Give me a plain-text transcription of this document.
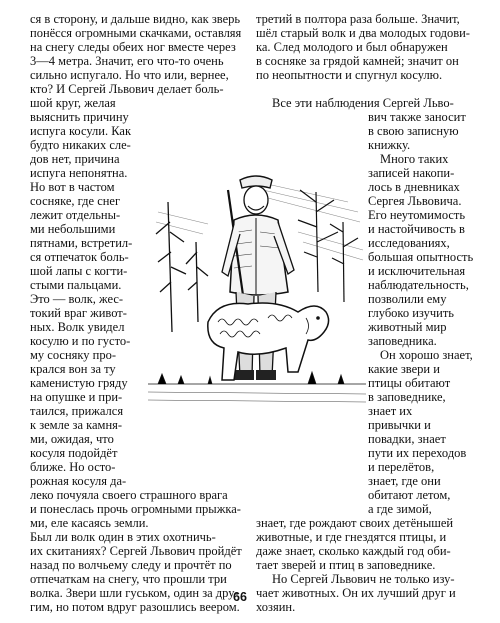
ся в сторону, и дальше видно, как зверь

понёсся огромными скачками, оставляя

на снегу следы обеих ног вместе через

3—4 метра. Значит, его что-то очень

сильно испугало. Но что или, вернее,

кто? И Сергей Львович делает боль-

шой круг, желая

выяснить причину

испуга косули. Как

будто никаких сле-

дов нет, причина

испуга непонятна.

Но вот в частом

сосняке, где снег

лежит отдельны-

ми небольшими

пятнами, встретил-

ся отпечаток боль-

шой лапы с когти-

стыми пальцами.

Это — волк, жес-

токий враг живот-

ных. Волк увидел

косулю и по густо-

му сосняку про-

крался вон за ту

каменистую гряду

на опушке и при-

таился, прижался

к земле за камня-

ми, ожидая, что

косуля подойдёт

ближе. Но осто-

рожная косуля да-

леко почуяла своего страшного врага

и понеслась прочь огромными прыжка-

ми, еле касаясь земли.

Был ли волк один в этих охотничь-

их скитаниях? Сергей Львович пройдёт

назад по волчьему следу и прочтёт по

отпечаткам на снегу, что прошли три

волка. Звери шли гуськом, один за дру-

гим, но потом вдруг разошлись веером.

третий в полтора раза больше. Значит,

шёл старый волк и два молодых годови-

ка. След молодого и был обнаружен

в сосняке за грядой камней; значит он

по неопытности и спугнул косулю.

Все эти наблюдения Сергей Льво-

вич также заносит

в свою записную

книжку.

Много таких

записей накопи-

лось в дневниках

Сергея Львовича.

Его неутомимость

и настойчивость в

исследованиях,

большая опытность

и исключительная

наблюдательность,

позволили ему

глубоко изучить

животный мир

заповедника.

Он хорошо знает,

какие звери и

птицы обитают

в заповеднике,

знает их

привычки и

повадки, знает

пути их переходов

и перелётов,

знает, где они

обитают летом,

а где зимой,

знает, где рождают своих детёнышей

животные, и где гнездятся птицы, и

даже знает, сколько каждый год оби-

тает зверей и птиц в заповеднике.

Но Сергей Львович не только изу-

чает животных. Он их лучший друг и

хозяин.

66
